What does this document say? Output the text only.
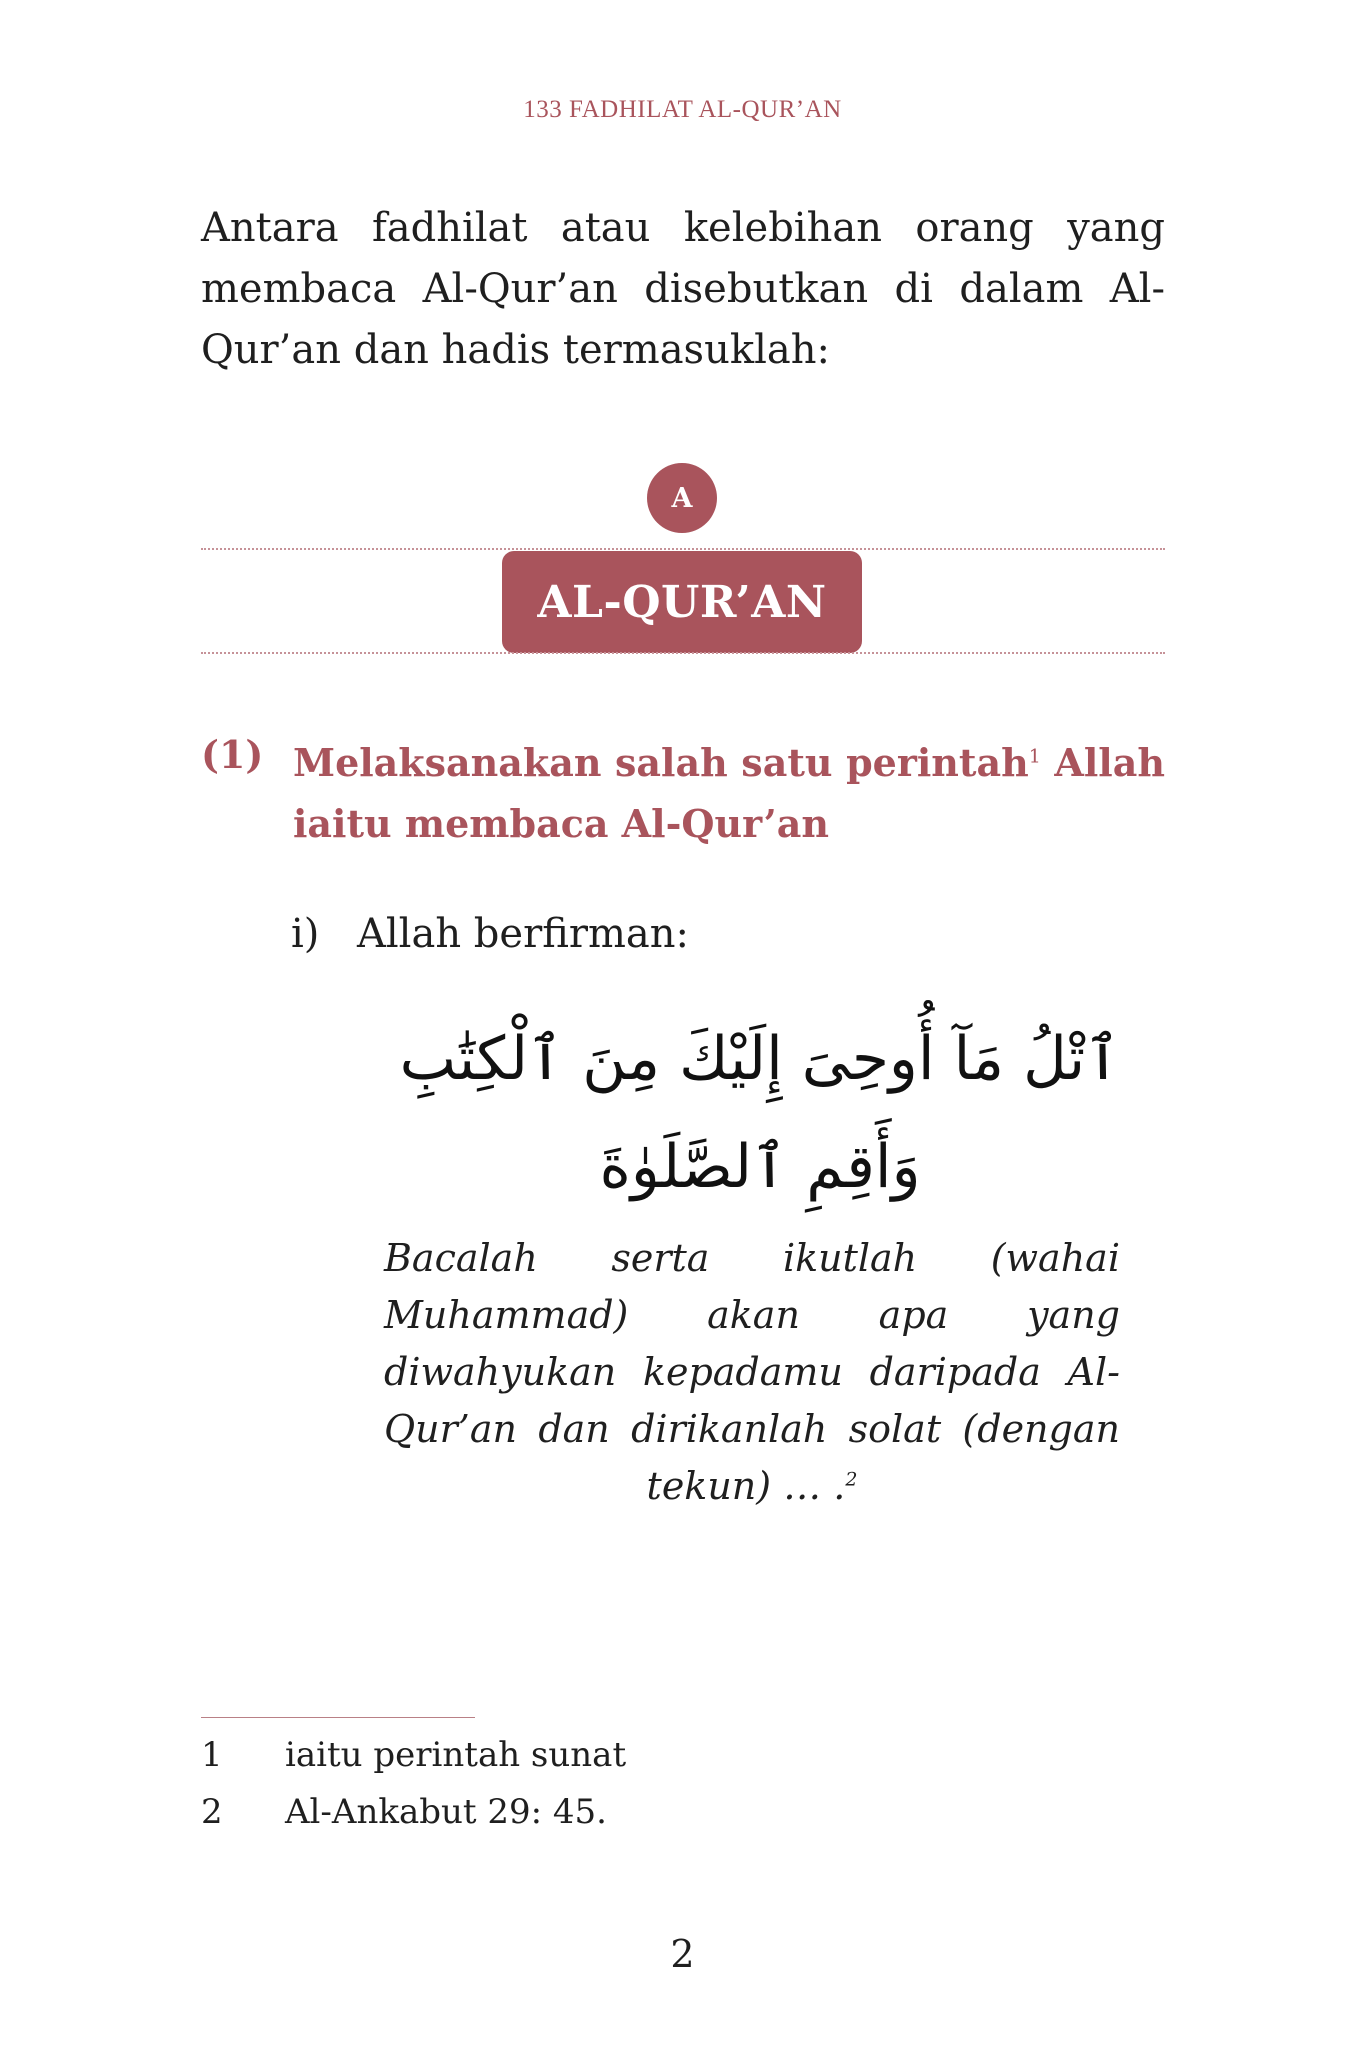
133 FADHILAT AL-QUR’AN

Antara fadhilat atau kelebihan orang yang membaca Al-Qur’an disebutkan di dalam Al-Qur’an dan hadis termasuklah:

A
AL-QUR’AN
(1) Melaksanakan salah satu perintah$^1$ Allah iaitu membaca Al-Qur’an

i) Allah berfirman:
ٱتْلُ مَآ أُوحِىَ إِلَيْكَ مِنَ ٱلْكِتَٰبِ وَأَقِمِ ٱلصَّلَوٰةَ

Bacalah serta ikutlah (wahai Muhammad) akan apa yang diwahyukan kepadamu daripada Al-Qur’an dan dirikanlah solat (dengan tekun) … .$^2$

1 iaitu perintah sunat
2 Al-Ankabut 29: 45.
2
